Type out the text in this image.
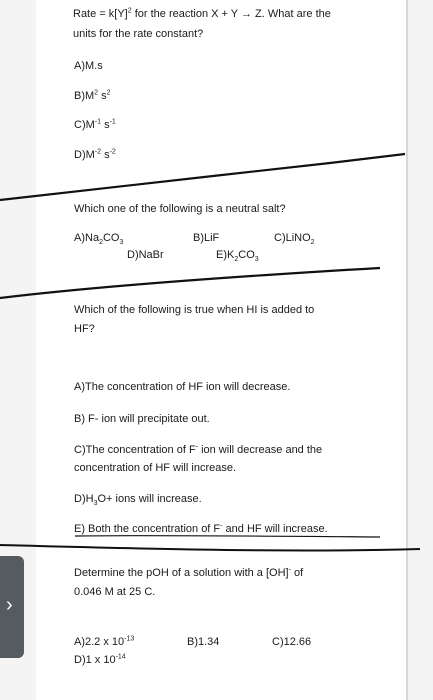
Rate = $k[Y]^2$ for the reaction X + Y → Z. What are the
units for the rate constant?
A)M.s
$B)M^2$ $s^2$
$C)M^{-1}$ $s^{-1}$
$D)M^{-2}$ $s^{-2}$
Which one of the following is a neutral salt?
$A)Na_2CO_3$	B)LiF	C)LiNO$_2$
D)NaBr	$E)K_2CO_3$
Which of the following is true when HI is added to
HF?
A)The concentration of HF ion will decrease.
B) F- ion will precipitate out.
C)The concentration of F- ion will decrease and the
concentration of HF will increase.
$D)H_3O+$ ions will increase.
E) Both the concentration of F- and HF will increase.
Determine the pOH of a solution with a [OH]- of
0.046 M at 25 C.
A)2.2 x $10^{-13}$	B)1.34	C)12.66
D)1 x $10^{-14}$
›
